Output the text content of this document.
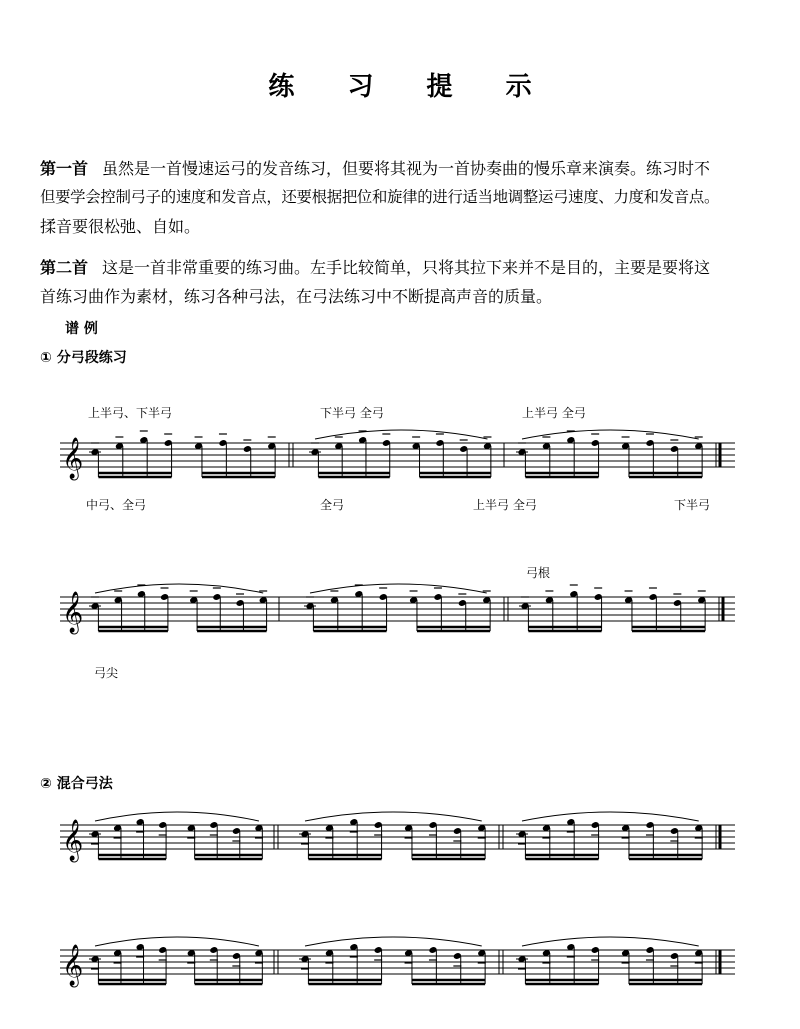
练 习 提 示
第一首 虽然是一首慢速运弓的发音练习，但要将其视为一首协奏曲的慢乐章来演奏。练习时不
但要学会控制弓子的速度和发音点，还要根据把位和旋律的进行适当地调整运弓速度、力度和发音点。
揉音要很松弛、自如。
第二首 这是一首非常重要的练习曲。左手比较简单，只将其拉下来并不是目的，主要是要将这
首练习曲作为素材，练习各种弓法，在弓法练习中不断提高声音的质量。
谱 例
① 分弓段练习
② 混合弓法
上半弓、下半弓	下半弓 全弓	上半弓 全弓
中弓、全弓	全弓	上半弓 全弓	下半弓
弓根
弓尖
𝄞
𝄞
𝄞
𝄞
